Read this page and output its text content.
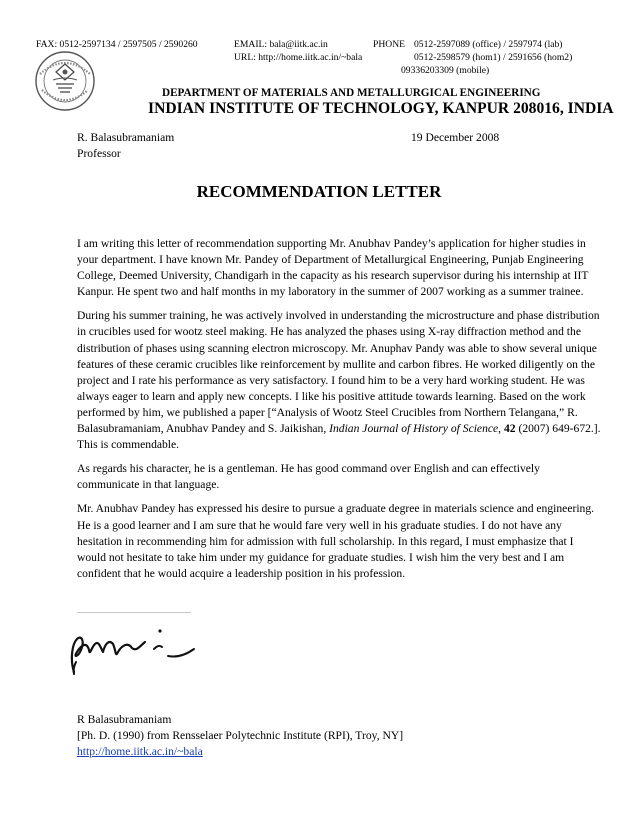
FAX: 0512-2597134 / 2597505 / 2590260	EMAIL: bala@iitk.ac.in
URL: http://home.iitk.ac.in/~bala
PHONE 0512-2597089 (office) / 2597974 (lab)
0512-2598579 (hom1) / 2591656 (hom2)
09336203309 (mobile)
DEPARTMENT OF MATERIALS AND METALLURGICAL ENGINEERING
INDIAN INSTITUTE OF TECHNOLOGY, KANPUR 208016, INDIA
R. Balasubramaniam
Professor
19 December 2008
RECOMMENDATION LETTER

I am writing this letter of recommendation supporting Mr. Anubhav Pandey’s application for higher studies in your department. I have known Mr. Pandey of Department of Metallurgical Engineering, Punjab Engineering College, Deemed University, Chandigarh in the capacity as his research supervisor during his internship at IIT Kanpur. He spent two and half months in my laboratory in the summer of 2007 working as a summer trainee.

During his summer training, he was actively involved in understanding the microstructure and phase distribution in crucibles used for wootz steel making. He has analyzed the phases using X-ray diffraction method and the distribution of phases using scanning electron microscopy. Mr. Anuphav Pandy was able to show several unique features of these ceramic crucibles like reinforcement by mullite and carbon fibres. He worked diligently on the project and I rate his performance as very satisfactory. I found him to be a very hard working student. He was always eager to learn and apply new concepts. I like his positive attitude towards learning. Based on the work performed by him, we published a paper [“Analysis of Wootz Steel Crucibles from Northern Telangana,” R. Balasubramaniam, Anubhav Pandey and S. Jaikishan, Indian Journal of History of Science, 42 (2007) 649-672.]. This is commendable.

As regards his character, he is a gentleman. He has good command over English and can effectively communicate in that language.

Mr. Anubhav Pandey has expressed his desire to pursue a graduate degree in materials science and engineering. He is a good learner and I am sure that he would fare very well in his graduate studies. I do not have any hesitation in recommending him for admission with full scholarship. In this regard, I must emphasize that I would not hesitate to take him under my guidance for graduate studies. I wish him the very best and I am confident that he would acquire a leadership position in his profession.

R Balasubramaniam
[Ph. D. (1990) from Rensselaer Polytechnic Institute (RPI), Troy, NY]
http://home.iitk.ac.in/~bala
